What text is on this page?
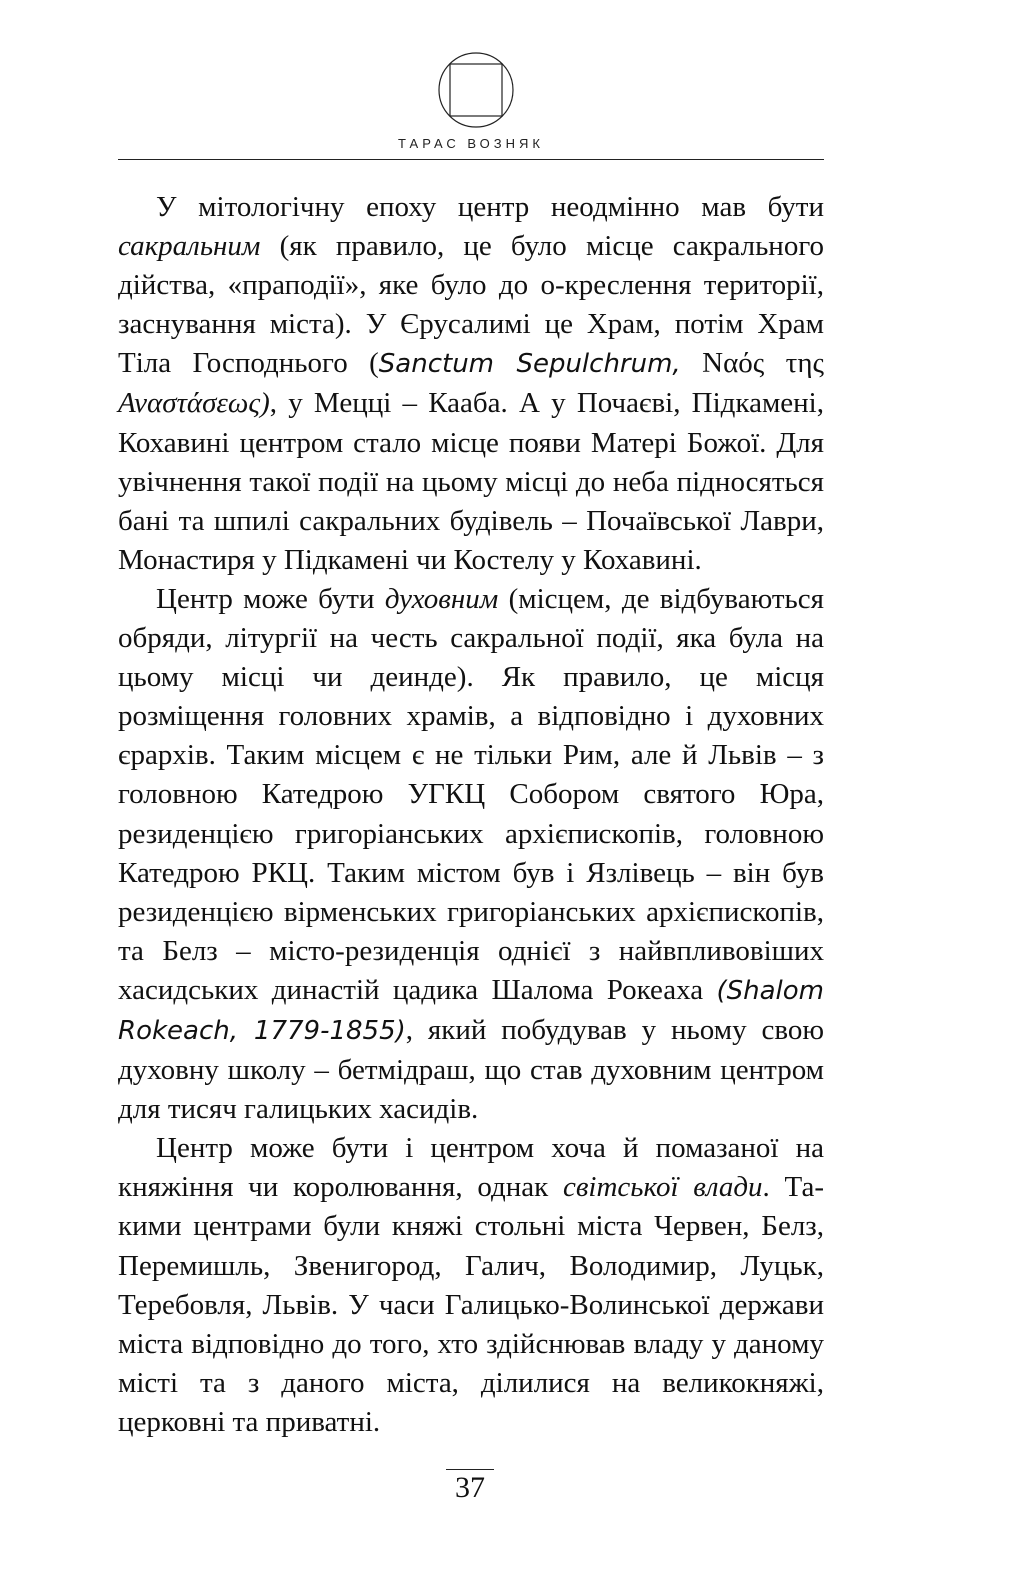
ТАРАС ВОЗНЯК

У мітологічну епоху центр неодмінно мав бути сакральним (як правило, це було місце сакрального дійства, «праподії», яке було до о-креслення території, заснування міста). У Єрусалимі це Храм, потім Храм Тіла Господнього (Sanctum Sepulchrum, Ναός της Αναστάσεως), у Мецці – Кааба. А у Почаєві, Підкамені, Кохавині центром стало місце появи Матері Божої. Для увічнення такої події на цьому місці до неба підносяться бані та шпилі сакральних будівель – Почаївської Лаври, Монастиря у Підкамені чи Костелу у Кохавині.

Центр може бути духовним (місцем, де відбуваються обряди, літургії на честь сакральної події, яка була на цьому місці чи деинде). Як правило, це місця розміщення головних храмів, а відповідно і духовних єрархів. Таким місцем є не тільки Рим, але й Львів – з головною Катедрою УГКЦ Собором святого Юра, резиденцією григоріанських архієпископів, головною Катедрою РКЦ. Таким містом був і Язлівець – він був резиденцією вірменських григоріанських архієпископів, та Белз – місто-резиденція однієї з найвпливовіших хасидських династій цадика Шалома Рокеаха (Shalom Rokeach, 1779-1855), який побудував у ньому свою духовну школу – бетмідраш, що став духовним центром для тисяч галицьких хасидів.

Центр може бути і центром хоча й помазаної на княжіння чи королювання, однак світської влади. Такими центрами були княжі стольні міста Червен, Белз, Перемишль, Звенигород, Галич, Володимир, Луцьк, Теребовля, Львів. У часи Галицько-Волинської держави міста відповідно до того, хто здійснював владу у даному місті та з даного міста, ділилися на великокняжі, церковні та приватні.

37
